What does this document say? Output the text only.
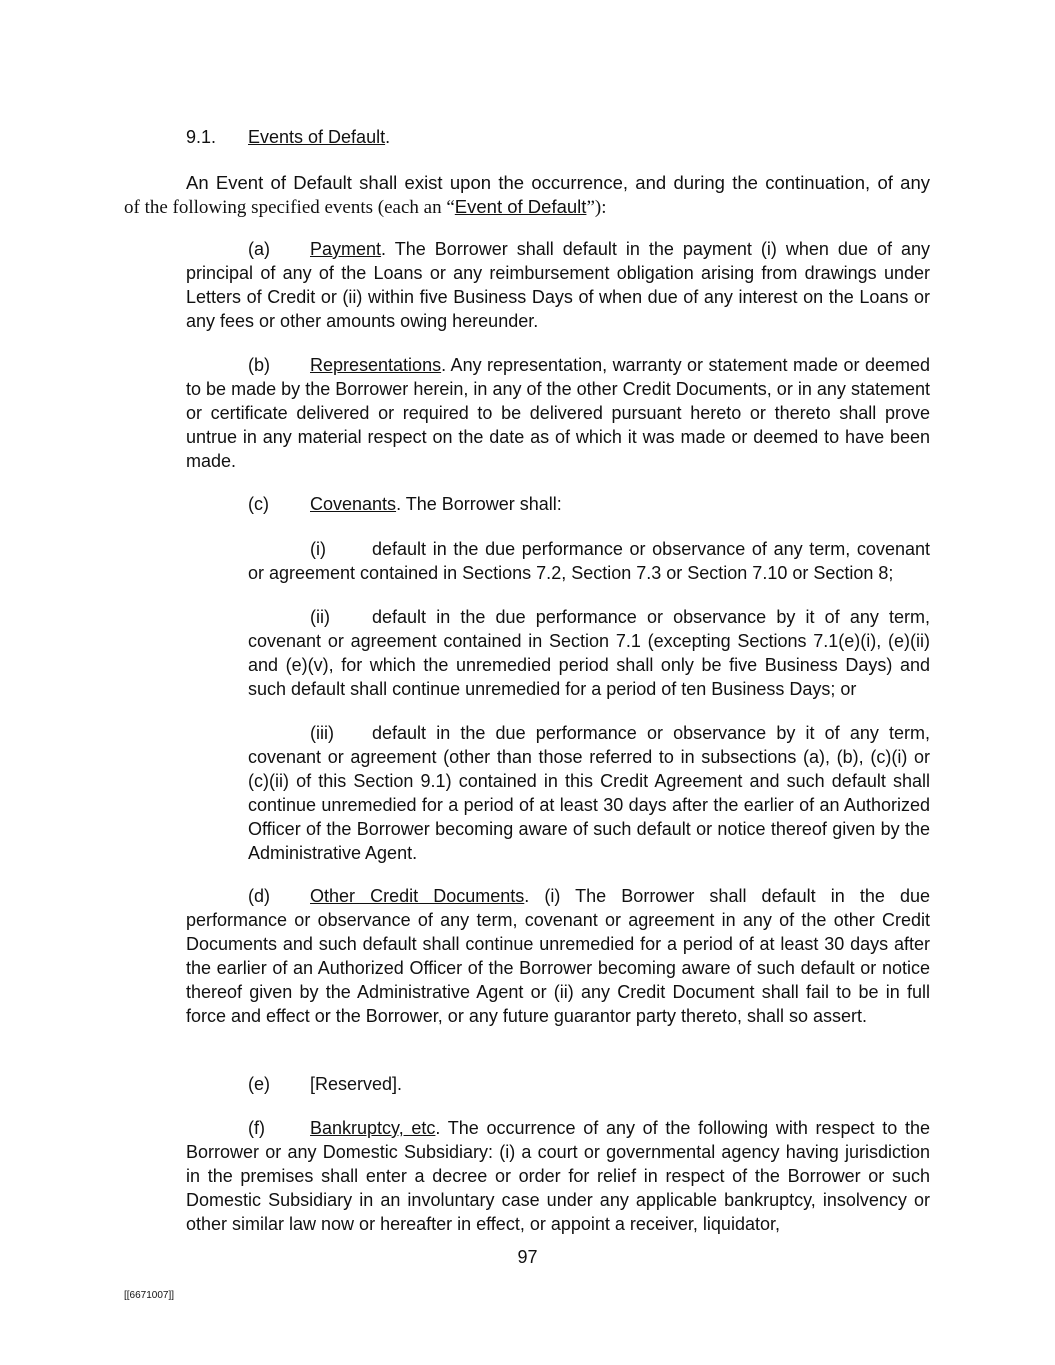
9.1. Events of Default.
An Event of Default shall exist upon the occurrence, and during the continuation, of any
of the following specified events (each an “Event of Default”):
(a) Payment. The Borrower shall default in the payment (i) when due of any principal of any of the Loans or any reimbursement obligation arising from drawings under Letters of Credit or (ii) within five Business Days of when due of any interest on the Loans or any fees or other amounts owing hereunder.
(b) Representations. Any representation, warranty or statement made or deemed to be made by the Borrower herein, in any of the other Credit Documents, or in any statement or certificate delivered or required to be delivered pursuant hereto or thereto shall prove untrue in any material respect on the date as of which it was made or deemed to have been made.
(c) Covenants. The Borrower shall:
(i)	default in the due performance or observance of any term, covenant or agreement contained in Sections 7.2, Section 7.3 or Section 7.10 or Section 8;
(ii) default in the due performance or observance by it of any term, covenant or agreement contained in Section 7.1 (excepting Sections 7.1(e)(i), (e)(ii) and (e)(v), for which the unremedied period shall only be five Business Days) and such default shall continue unremedied for a period of ten Business Days; or
(iii) default in the due performance or observance by it of any term, covenant or agreement (other than those referred to in subsections (a), (b), (c)(i) or (c)(ii) of this Section 9.1) contained in this Credit Agreement and such default shall continue unremedied for a period of at least 30 days after the earlier of an Authorized Officer of the Borrower becoming aware of such default or notice thereof given by the Administrative Agent.
(d) Other Credit Documents. (i) The Borrower shall default in the due performance or observance of any term, covenant or agreement in any of the other Credit Documents and such default shall continue unremedied for a period of at least 30 days after the earlier of an Authorized Officer of the Borrower becoming aware of such default or notice thereof given by the Administrative Agent or (ii) any Credit Document shall fail to be in full force and effect or the Borrower, or any future guarantor party thereto, shall so assert.
(e) [Reserved].
(f)	Bankruptcy, etc. The occurrence of any of the following with respect to the Borrower or any Domestic Subsidiary: (i) a court or governmental agency having jurisdiction in the premises shall enter a decree or order for relief in respect of the Borrower or such Domestic Subsidiary in an involuntary case under any applicable bankruptcy, insolvency or other similar law now or hereafter in effect, or appoint a receiver, liquidator,
97
[[6671007]]
